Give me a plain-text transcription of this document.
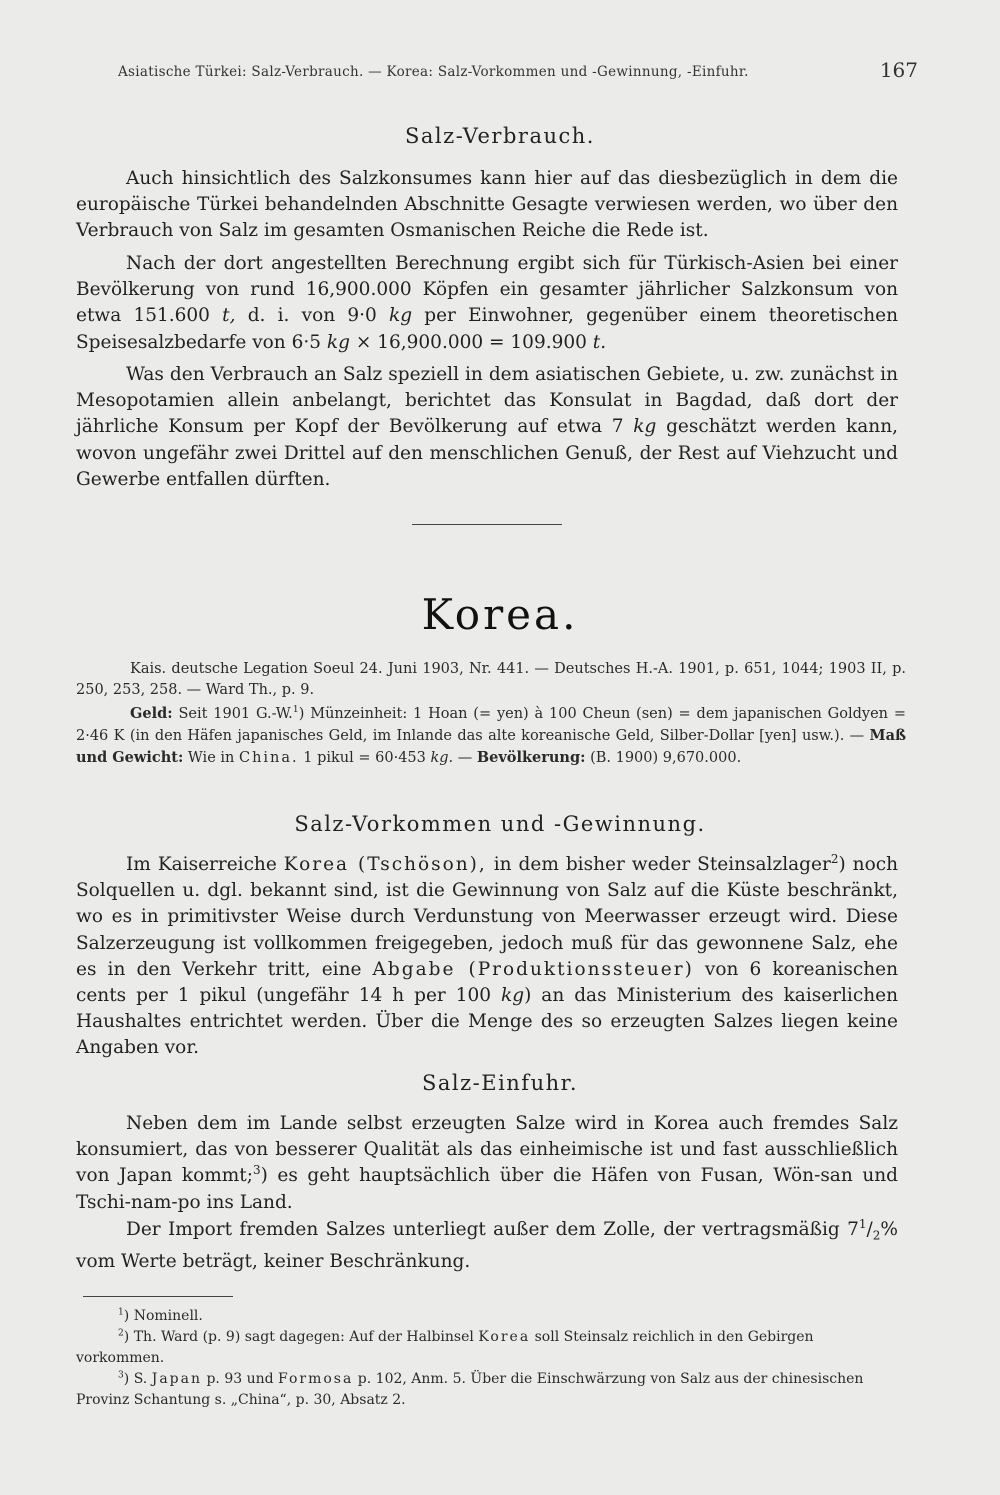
Asiatische Türkei: Salz-Verbrauch. — Korea: Salz-Vorkommen und -Gewinnung, -Einfuhr.	167
Salz-Verbrauch.

Auch hinsichtlich des Salzkonsumes kann hier auf das diesbezüglich in dem die europäische Türkei behandelnden Abschnitte Gesagte verwiesen werden, wo über den Verbrauch von Salz im gesamten Osmanischen Reiche die Rede ist.

Nach der dort angestellten Berechnung ergibt sich für Türkisch-Asien bei einer Bevölkerung von rund 16,900.000 Köpfen ein gesamter jährlicher Salzkonsum von etwa 151.600 t, d. i. von 9·0 kg per Einwohner, gegenüber einem theoretischen Speisesalzbedarfe von 6·5 kg × 16,900.000 = 109.900 t.

Was den Verbrauch an Salz speziell in dem asiatischen Gebiete, u. zw. zunächst in Mesopotamien allein anbelangt, berichtet das Konsulat in Bagdad, daß dort der jährliche Konsum per Kopf der Bevölkerung auf etwa 7 kg geschätzt werden kann, wovon ungefähr zwei Drittel auf den menschlichen Genuß, der Rest auf Viehzucht und Gewerbe entfallen dürften.

Korea.

Kais. deutsche Legation Soeul 24. Juni 1903, Nr. 441. — Deutsches H.-A. 1901, p. 651, 1044; 1903 II, p. 250, 253, 258. — Ward Th., p. 9.

Geld: Seit 1901 G.-W.$^1$) Münzeinheit: 1 Hoan (= yen) à 100 Cheun (sen) = dem japanischen Goldyen = 2·46 K (in den Häfen japanisches Geld, im Inlande das alte koreanische Geld, Silber-Dollar [yen] usw.). — Maß und Gewicht: Wie in China. 1 pikul = 60·453 kg. — Bevölkerung: (B. 1900) 9,670.000.

Salz-Vorkommen und -Gewinnung.

Im Kaiserreiche Korea (Tschöson), in dem bisher weder Steinsalzlager$^2$) noch Solquellen u. dgl. bekannt sind, ist die Gewinnung von Salz auf die Küste beschränkt, wo es in primitivster Weise durch Verdunstung von Meerwasser erzeugt wird. Diese Salzerzeugung ist vollkommen freigegeben, jedoch muß für das gewonnene Salz, ehe es in den Verkehr tritt, eine Abgabe (Produktionssteuer) von 6 koreanischen cents per 1 pikul (ungefähr 14 h per 100 kg) an das Ministerium des kaiserlichen Haushaltes entrichtet werden. Über die Menge des so erzeugten Salzes liegen keine Angaben vor.

Salz-Einfuhr.

Neben dem im Lande selbst erzeugten Salze wird in Korea auch fremdes Salz konsumiert, das von besserer Qualität als das einheimische ist und fast ausschließlich von Japan kommt;$^3$) es geht hauptsächlich über die Häfen von Fusan, Wön-san und Tschi-nam-po ins Land.

Der Import fremden Salzes unterliegt außer dem Zolle, der vertragsmäßig $7^1/_2\%$ vom Werte beträgt, keiner Beschränkung.

$^1$) Nominell.

$^2$) Th. Ward (p. 9) sagt dagegen: Auf der Halbinsel Korea soll Steinsalz reichlich in den Gebirgen vorkommen.

$^3$) S. Japan p. 93 und Formosa p. 102, Anm. 5. Über die Einschwärzung von Salz aus der chinesischen Provinz Schantung s. „China“, p. 30, Absatz 2.
